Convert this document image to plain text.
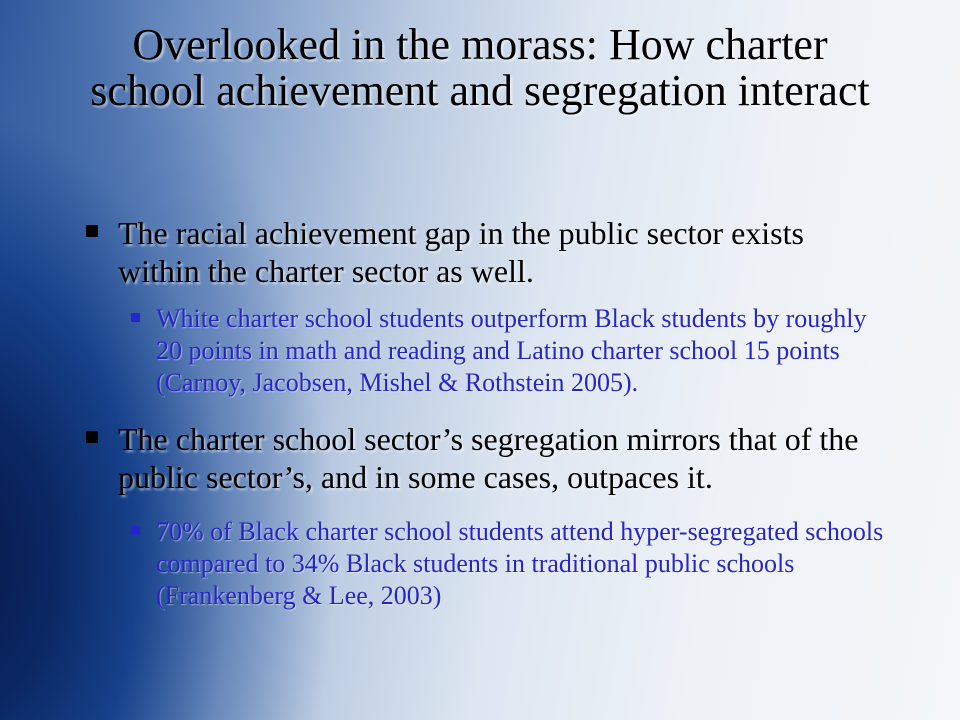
Overlooked in the morass: How charter school achievement and segregation interact
The racial achievement gap in the public sector exists within the charter sector as well.
White charter school students outperform Black students by roughly 20 points in math and reading and Latino charter school 15 points (Carnoy, Jacobsen, Mishel & Rothstein 2005).
The charter school sector’s segregation mirrors that of the public sector’s, and in some cases, outpaces it.
70% of Black charter school students attend hyper-segregated schools compared to 34% Black students in traditional public schools (Frankenberg & Lee, 2003)
